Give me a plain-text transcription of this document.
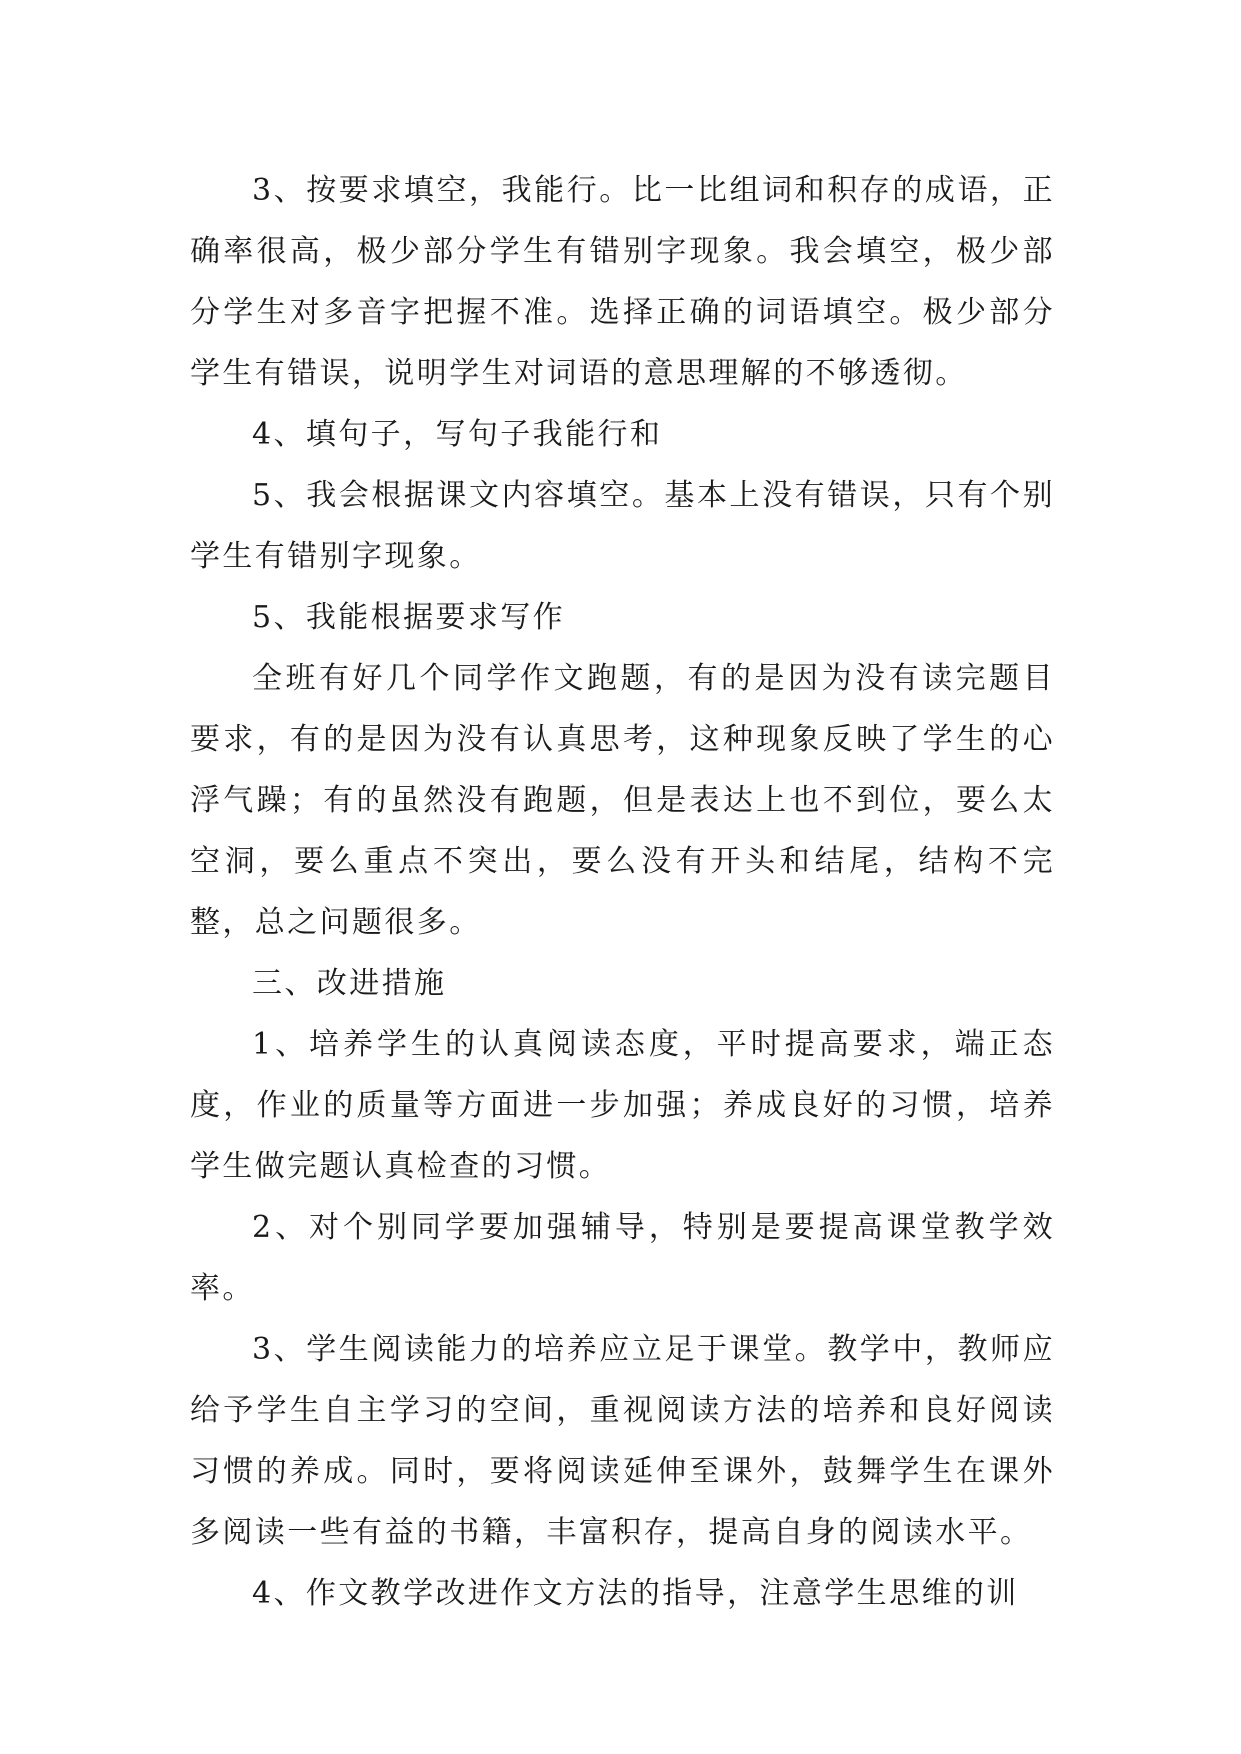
3、按要求填空，我能行。比一比组词和积存的成语，正确率很高，极少部分学生有错别字现象。我会填空，极少部分学生对多音字把握不准。选择正确的词语填空。极少部分学生有错误，说明学生对词语的意思理解的不够透彻。

4、填句子，写句子我能行和

5、我会根据课文内容填空。基本上没有错误，只有个别学生有错别字现象。

5、我能根据要求写作

全班有好几个同学作文跑题，有的是因为没有读完题目要求，有的是因为没有认真思考，这种现象反映了学生的心浮气躁；有的虽然没有跑题，但是表达上也不到位，要么太空洞，要么重点不突出，要么没有开头和结尾，结构不完整，总之问题很多。

三、改进措施

1、培养学生的认真阅读态度，平时提高要求，端正态度，作业的质量等方面进一步加强；养成良好的习惯，培养学生做完题认真检查的习惯。

2、对个别同学要加强辅导，特别是要提高课堂教学效率。

3、学生阅读能力的培养应立足于课堂。教学中，教师应给予学生自主学习的空间，重视阅读方法的培养和良好阅读习惯的养成。同时，要将阅读延伸至课外，鼓舞学生在课外多阅读一些有益的书籍，丰富积存，提高自身的阅读水平。

4、作文教学改进作文方法的指导，注意学生思维的训
